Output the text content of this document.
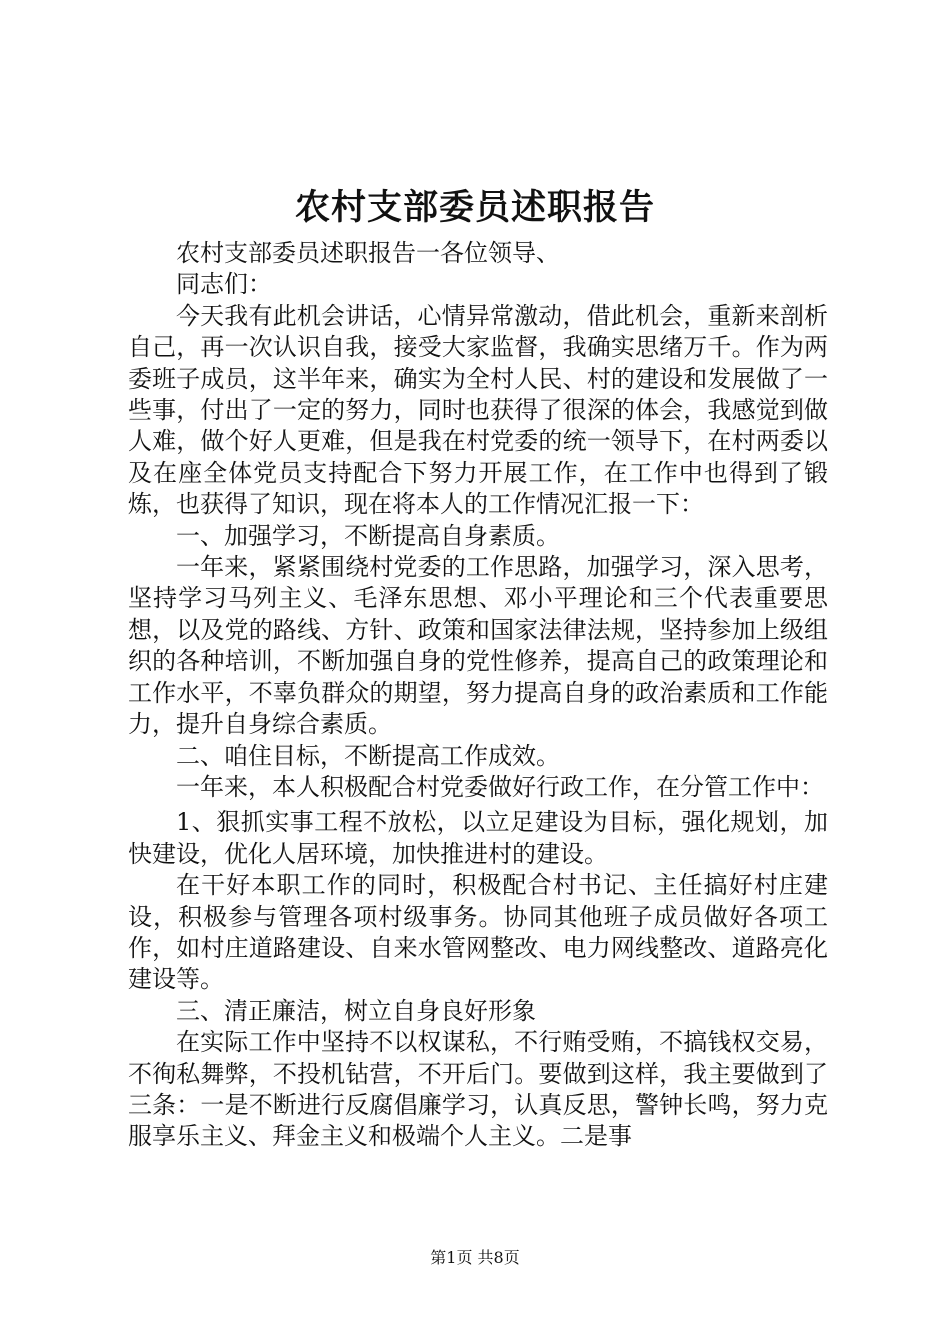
农村支部委员述职报告

农村支部委员述职报告一各位领导、

同志们：

今天我有此机会讲话，心情异常激动，借此机会，重新来剖析自己，再一次认识自我，接受大家监督，我确实思绪万千。作为两委班子成员，这半年来，确实为全村人民、村的建设和发展做了一些事，付出了一定的努力，同时也获得了很深的体会，我感觉到做人难，做个好人更难，但是我在村党委的统一领导下，在村两委以及在座全体党员支持配合下努力开展工作，在工作中也得到了锻炼，也获得了知识，现在将本人的工作情况汇报一下：

一、加强学习，不断提高自身素质。

一年来，紧紧围绕村党委的工作思路，加强学习，深入思考，坚持学习马列主义、毛泽东思想、邓小平理论和三个代表重要思想，以及党的路线、方针、政策和国家法律法规，坚持参加上级组织的各种培训，不断加强自身的党性修养，提高自己的政策理论和工作水平，不辜负群众的期望，努力提高自身的政治素质和工作能力，提升自身综合素质。

二、咱住目标，不断提高工作成效。

一年来，本人积极配合村党委做好行政工作，在分管工作中：

1、狠抓实事工程不放松，以立足建设为目标，强化规划，加快建设，优化人居环境，加快推进村的建设。

在干好本职工作的同时，积极配合村书记、主任搞好村庄建设，积极参与管理各项村级事务。协同其他班子成员做好各项工作，如村庄道路建设、自来水管网整改、电力网线整改、道路亮化建设等。

三、清正廉洁，树立自身良好形象

在实际工作中坚持不以权谋私，不行贿受贿，不搞钱权交易，不徇私舞弊，不投机钻营，不开后门。要做到这样，我主要做到了三条：一是不断进行反腐倡廉学习，认真反思，警钟长鸣，努力克服享乐主义、拜金主义和极端个人主义。二是事

第1页 共8页
